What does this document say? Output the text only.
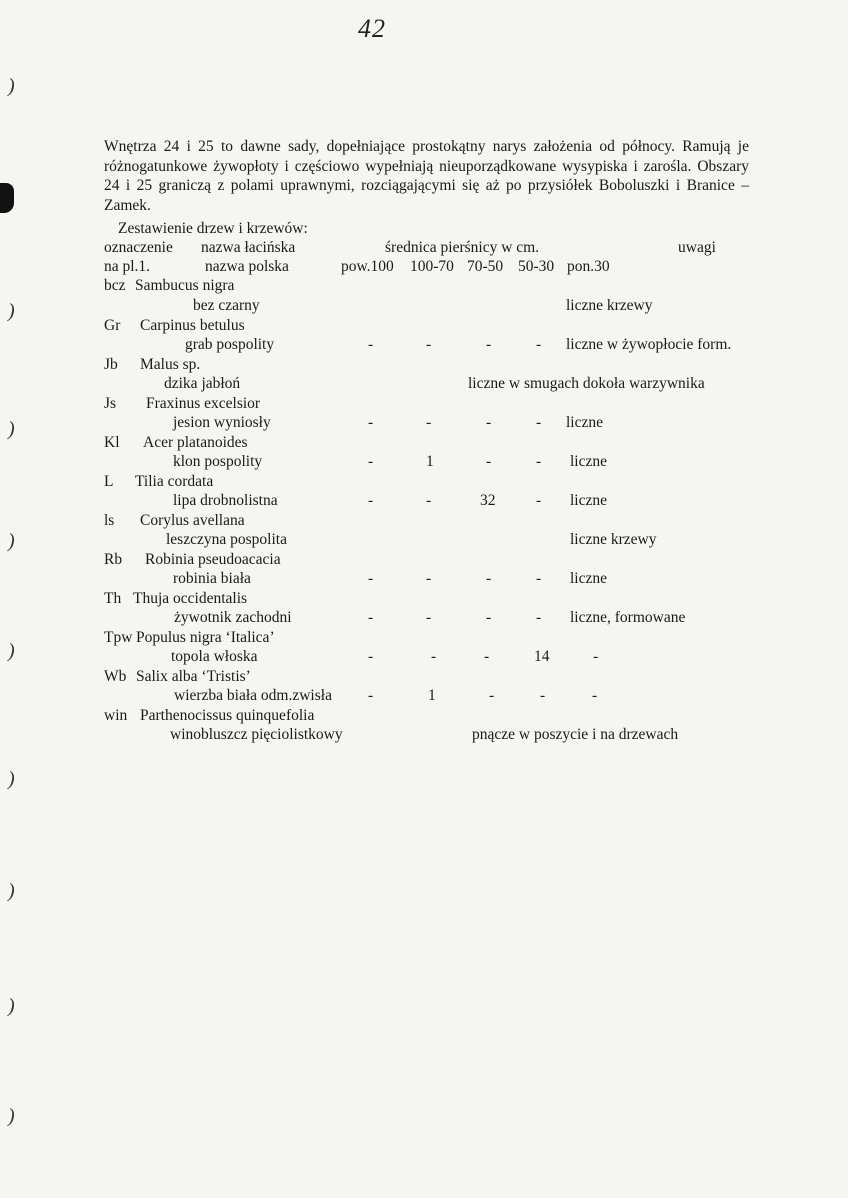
42
)
)
)
)
)
)
)
)
)

Wnętrza 24 i 25 to dawne sady, dopełniające prostokątny narys założenia od północy. Ramują je różnogatunkowe żywopłoty i częściowo wypełniają nieuporządkowane wysypiska i zarośla. Obszary 24 i 25 graniczą z polami uprawnymi, rozciągającymi się aż po przysiółek Boboluszki i Branice – Zamek.

Zestawienie drzew i krzewów:
oznaczenie nazwa łacińska	średnica pierśnicy w cm.	uwagi
na pl.1.	nazwa polska	pow.100 100-70 70-50 50-30 pon.30
bcz Sambucus nigra
bez czarny	liczne krzewy
Gr Carpinus betulus
grab pospolity	-	-	-	- liczne w żywopłocie form.
Jb Malus sp.
dzika jabłoń	liczne w smugach dokoła warzywnika
Js Fraxinus excelsior
jesion wyniosły	-	-	-	- liczne
Kl Acer platanoides
klon pospolity	-	1	-	- liczne
L Tilia cordata
lipa drobnolistna	-	-	32	- liczne
ls Corylus avellana
leszczyna pospolita	liczne krzewy
Rb Robinia pseudoacacia
robinia biała	-	-	-	- liczne
Th Thuja occidentalis
żywotnik zachodni	-	-	-	- liczne, formowane
Tpw Populus nigra ‘Italica’
topola włoska	-	-	-	14	-
Wb Salix alba ‘Tristis’
wierzba biała odm.zwisła -	1	-	-	-
win Parthenocissus quinquefolia
winobluszcz pięciolistkowy	pnącze w poszycie i na drzewach
